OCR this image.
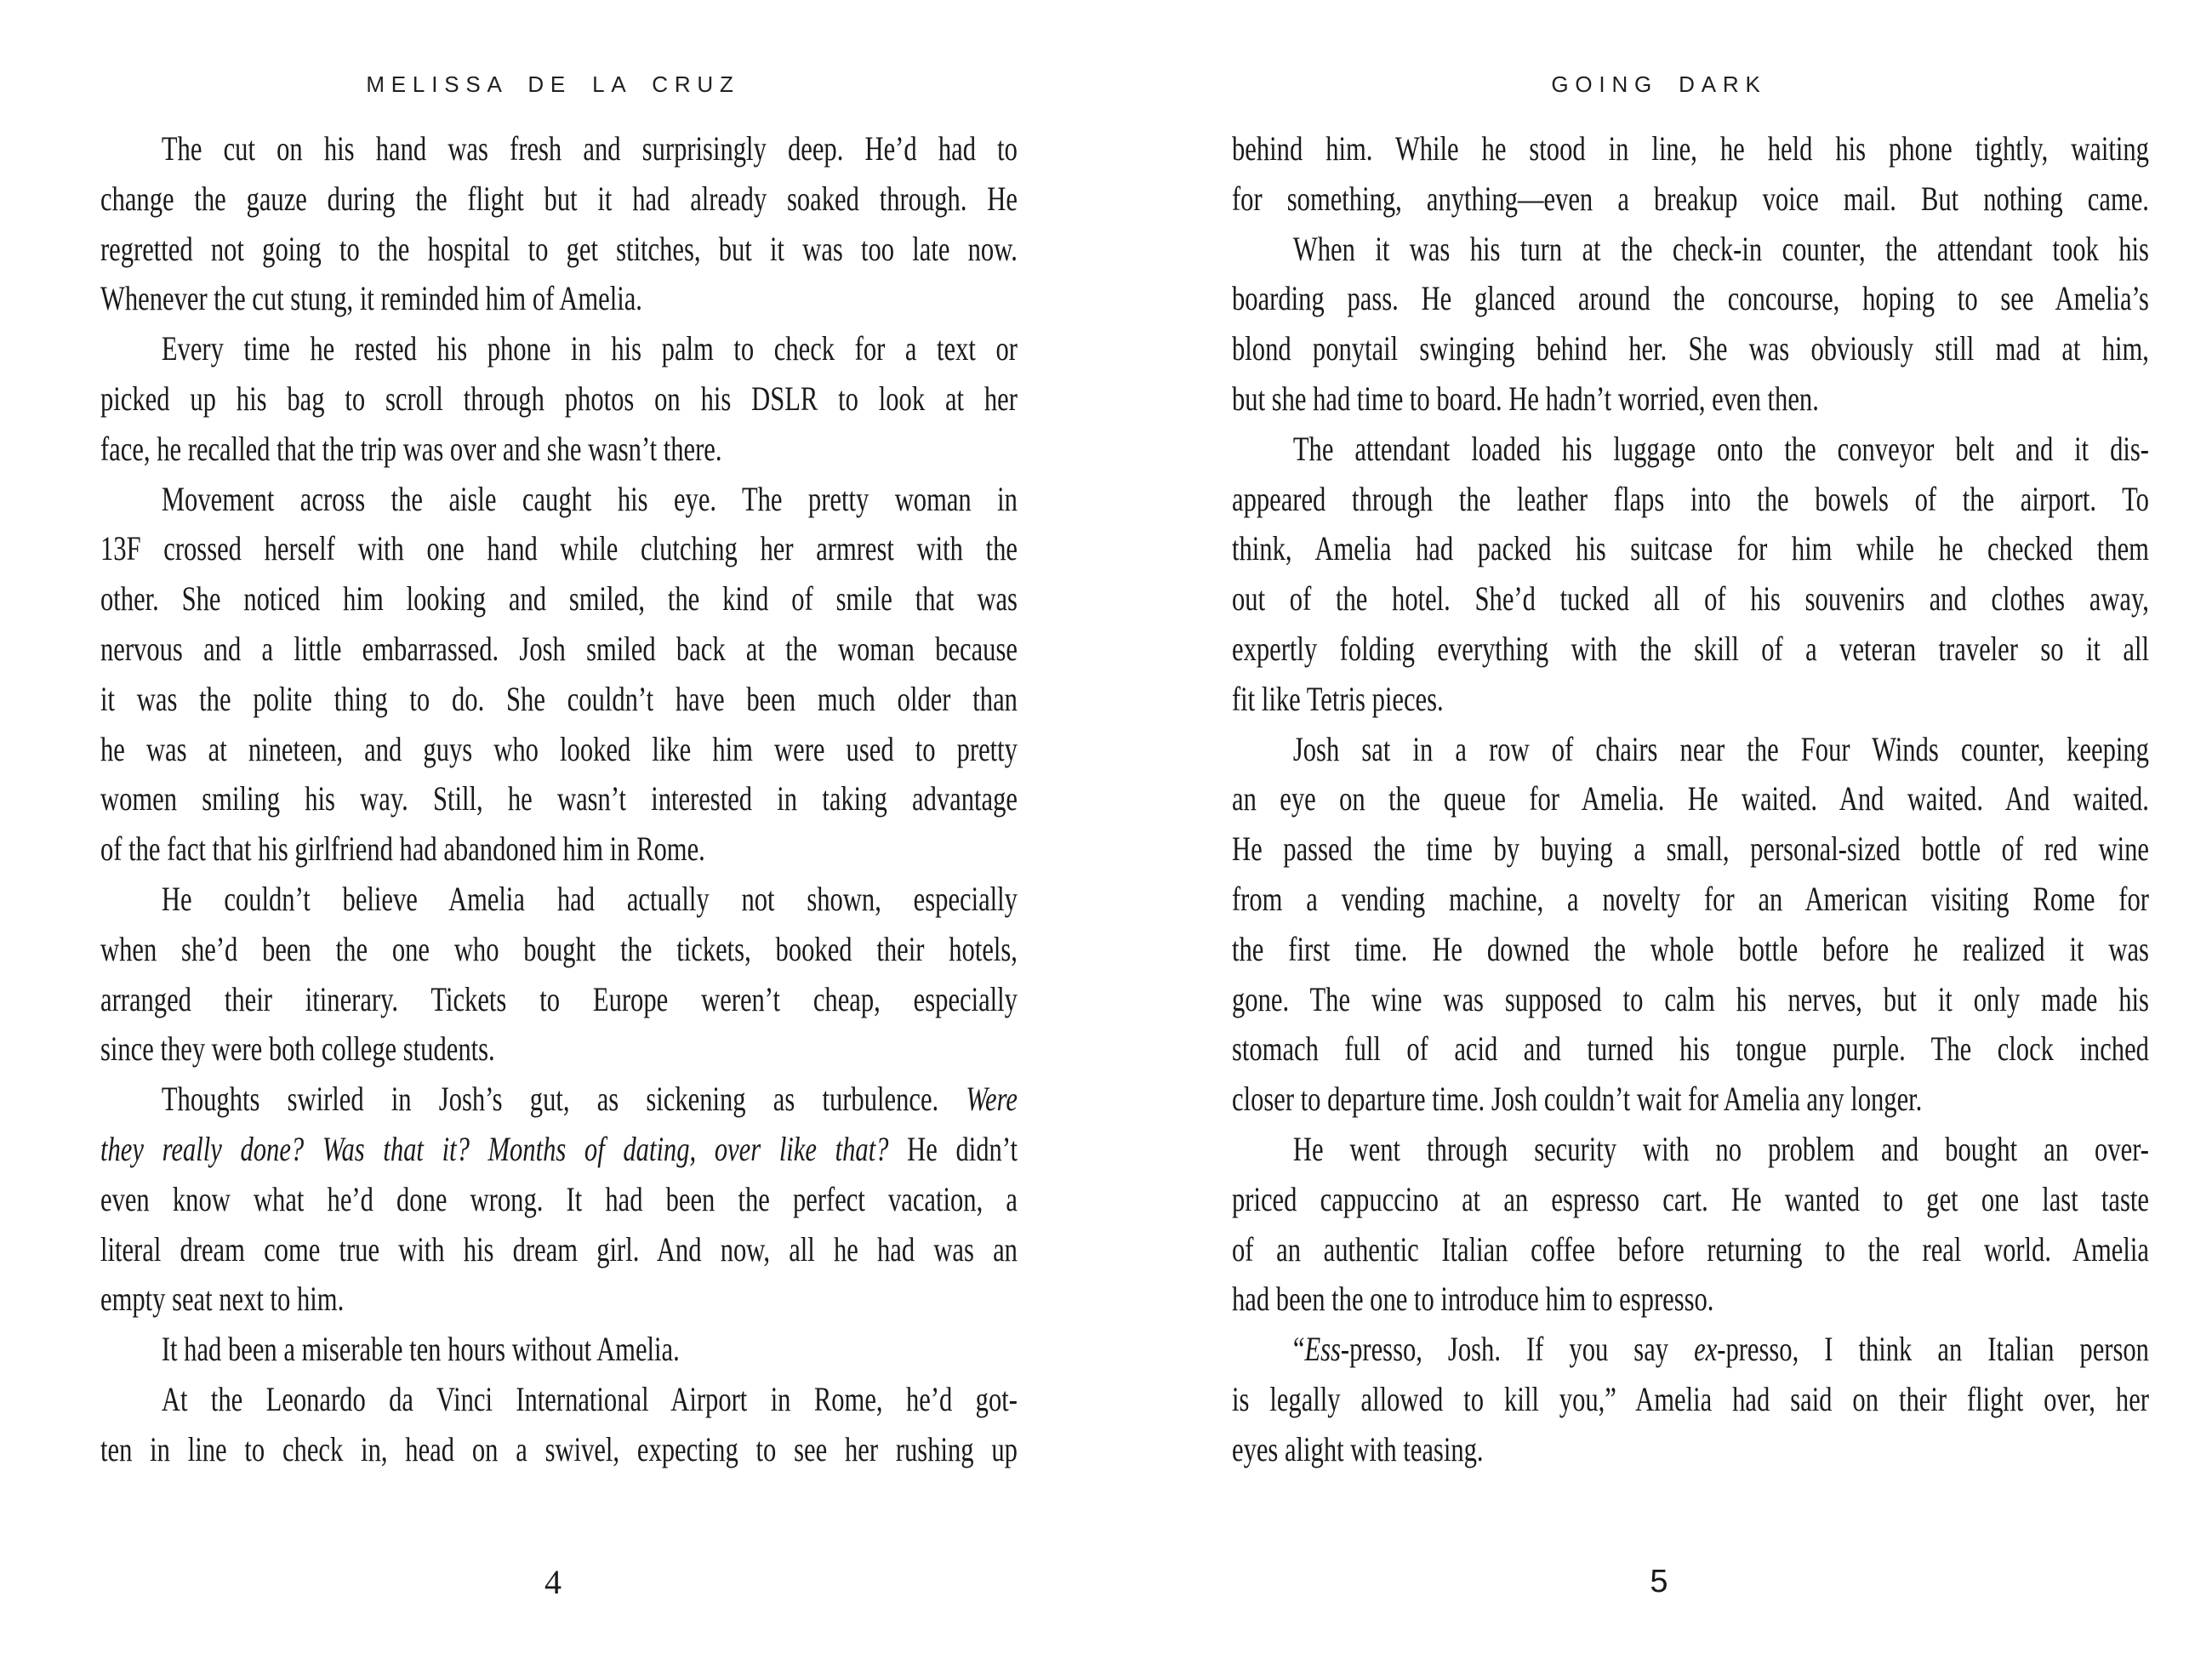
MELISSA DE LA CRUZ
The cut on his hand was fresh and surprisingly deep. He’d had to
change the gauze during the flight but it had already soaked through. He
regretted not going to the hospital to get stitches, but it was too late now.
Whenever the cut stung, it reminded him of Amelia.
Every time he rested his phone in his palm to check for a text or
picked up his bag to scroll through photos on his DSLR to look at her
face, he recalled that the trip was over and she wasn’t there.
Movement across the aisle caught his eye. The pretty woman in
13F crossed herself with one hand while clutching her armrest with the
other. She noticed him looking and smiled, the kind of smile that was
nervous and a little embarrassed. Josh smiled back at the woman because
it was the polite thing to do. She couldn’t have been much older than
he was at nineteen, and guys who looked like him were used to pretty
women smiling his way. Still, he wasn’t interested in taking advantage
of the fact that his girlfriend had abandoned him in Rome.
He couldn’t believe Amelia had actually not shown, especially
when she’d been the one who bought the tickets, booked their hotels,
arranged their itinerary. Tickets to Europe weren’t cheap, especially
since they were both college students.
Thoughts swirled in Josh’s gut, as sickening as turbulence. Were
they really done? Was that it? Months of dating, over like that? He didn’t
even know what he’d done wrong. It had been the perfect vacation, a
literal dream come true with his dream girl. And now, all he had was an
empty seat next to him.
It had been a miserable ten hours without Amelia.
At the Leonardo da Vinci International Airport in Rome, he’d got-
ten in line to check in, head on a swivel, expecting to see her rushing up
4
GOING DARK
behind him. While he stood in line, he held his phone tightly, waiting
for something, anything—even a breakup voice mail. But nothing came.
When it was his turn at the check-in counter, the attendant took his
boarding pass. He glanced around the concourse, hoping to see Amelia’s
blond ponytail swinging behind her. She was obviously still mad at him,
but she had time to board. He hadn’t worried, even then.
The attendant loaded his luggage onto the conveyor belt and it dis-
appeared through the leather flaps into the bowels of the airport. To
think, Amelia had packed his suitcase for him while he checked them
out of the hotel. She’d tucked all of his souvenirs and clothes away,
expertly folding everything with the skill of a veteran traveler so it all
fit like Tetris pieces.
Josh sat in a row of chairs near the Four Winds counter, keeping
an eye on the queue for Amelia. He waited. And waited. And waited.
He passed the time by buying a small, personal-sized bottle of red wine
from a vending machine, a novelty for an American visiting Rome for
the first time. He downed the whole bottle before he realized it was
gone. The wine was supposed to calm his nerves, but it only made his
stomach full of acid and turned his tongue purple. The clock inched
closer to departure time. Josh couldn’t wait for Amelia any longer.
He went through security with no problem and bought an over-
priced cappuccino at an espresso cart. He wanted to get one last taste
of an authentic Italian coffee before returning to the real world. Amelia
had been the one to introduce him to espresso.
“Ess-presso, Josh. If you say ex-presso, I think an Italian person
is legally allowed to kill you,” Amelia had said on their flight over, her
eyes alight with teasing.
5
